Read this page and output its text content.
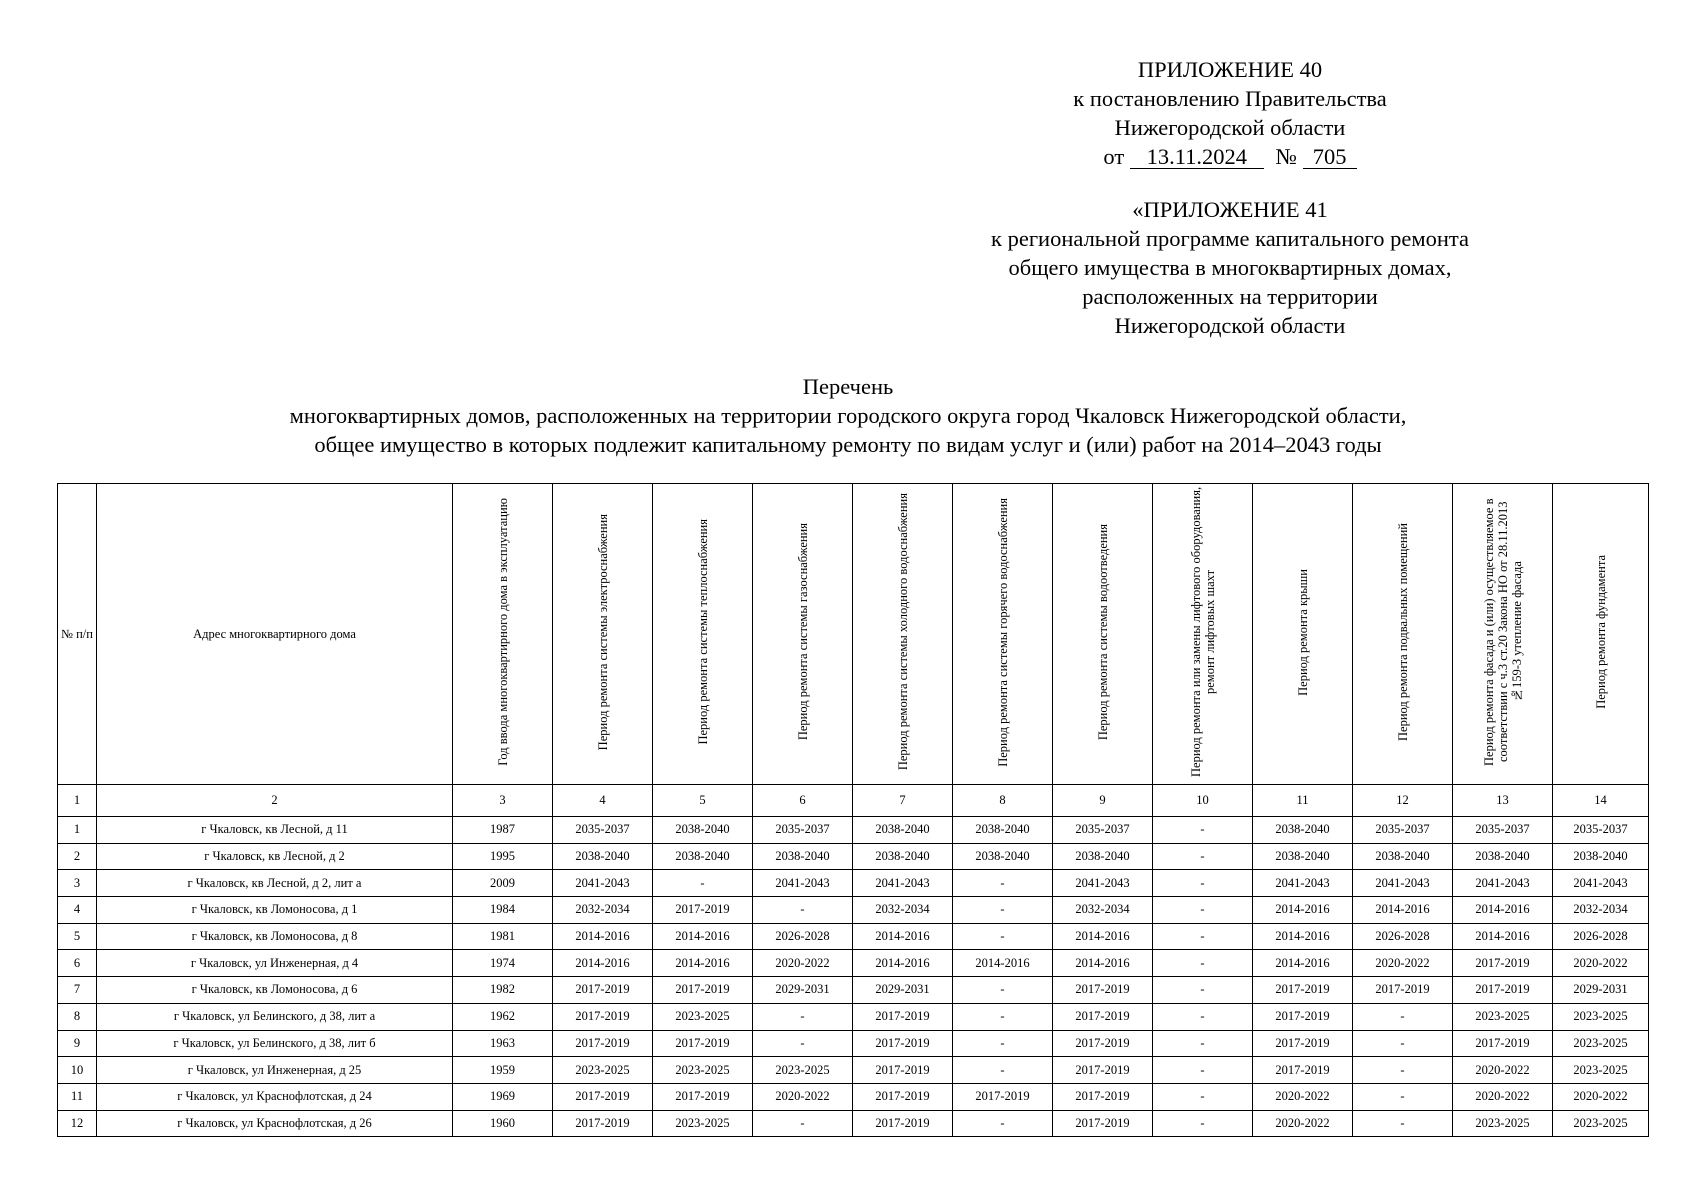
ПРИЛОЖЕНИЕ 40
к постановлению Правительства
Нижегородской области
от 13.11.2024 № 705
«ПРИЛОЖЕНИЕ 41
к региональной программе капитального ремонта
общего имущества в многоквартирных домах,
расположенных на территории
Нижегородской области
Перечень
многоквартирных домов, расположенных на территории городского округа город Чкаловск Нижегородской области,
общее имущество в которых подлежит капитальному ремонту по видам услуг и (или) работ на 2014–2043 годы
№ п/п	Адрес многоквартирного дома	Год ввода многоквартирного дома в эксплуатацию	Период ремонта системы электроснабжения	Период ремонта системы теплоснабжения	Период ремонта системы газоснабжения	Период ремонта системы холодного водоснабжения	Период ремонта системы горячего водоснабжения	Период ремонта системы водоотведения	Период ремонта или замены лифтового оборудования, ремонт лифтовых шахт	Период ремонта крыши	Период ремонта подвальных помещений	Период ремонта фасада и (или) осуществляемое в соответствии с ч.3 ст.20 Закона НО от 28.11.2013 №159-З утепление фасада	Период ремонта фундамента
1	2	3	4	5	6	7	8	9	10	11	12	13	14
1	г Чкаловск, кв Лесной, д 11	1987	2035-2037	2038-2040	2035-2037	2038-2040	2038-2040	2035-2037	-	2038-2040	2035-2037	2035-2037	2035-2037
2	г Чкаловск, кв Лесной, д 2	1995	2038-2040	2038-2040	2038-2040	2038-2040	2038-2040	2038-2040	-	2038-2040	2038-2040	2038-2040	2038-2040
3	г Чкаловск, кв Лесной, д 2, лит а	2009	2041-2043	-	2041-2043	2041-2043	-	2041-2043	-	2041-2043	2041-2043	2041-2043	2041-2043
4	г Чкаловск, кв Ломоносова, д 1	1984	2032-2034	2017-2019	-	2032-2034	-	2032-2034	-	2014-2016	2014-2016	2014-2016	2032-2034
5	г Чкаловск, кв Ломоносова, д 8	1981	2014-2016	2014-2016	2026-2028	2014-2016	-	2014-2016	-	2014-2016	2026-2028	2014-2016	2026-2028
6	г Чкаловск, ул Инженерная, д 4	1974	2014-2016	2014-2016	2020-2022	2014-2016	2014-2016	2014-2016	-	2014-2016	2020-2022	2017-2019	2020-2022
7	г Чкаловск, кв Ломоносова, д 6	1982	2017-2019	2017-2019	2029-2031	2029-2031	-	2017-2019	-	2017-2019	2017-2019	2017-2019	2029-2031
8	г Чкаловск, ул Белинского, д 38, лит а	1962	2017-2019	2023-2025	-	2017-2019	-	2017-2019	-	2017-2019	-	2023-2025	2023-2025
9	г Чкаловск, ул Белинского, д 38, лит б	1963	2017-2019	2017-2019	-	2017-2019	-	2017-2019	-	2017-2019	-	2017-2019	2023-2025
10	г Чкаловск, ул Инженерная, д 25	1959	2023-2025	2023-2025	2023-2025	2017-2019	-	2017-2019	-	2017-2019	-	2020-2022	2023-2025
11	г Чкаловск, ул Краснофлотская, д 24	1969	2017-2019	2017-2019	2020-2022	2017-2019	2017-2019	2017-2019	-	2020-2022	-	2020-2022	2020-2022
12	г Чкаловск, ул Краснофлотская, д 26	1960	2017-2019	2023-2025	-	2017-2019	-	2017-2019	-	2020-2022	-	2023-2025	2023-2025
